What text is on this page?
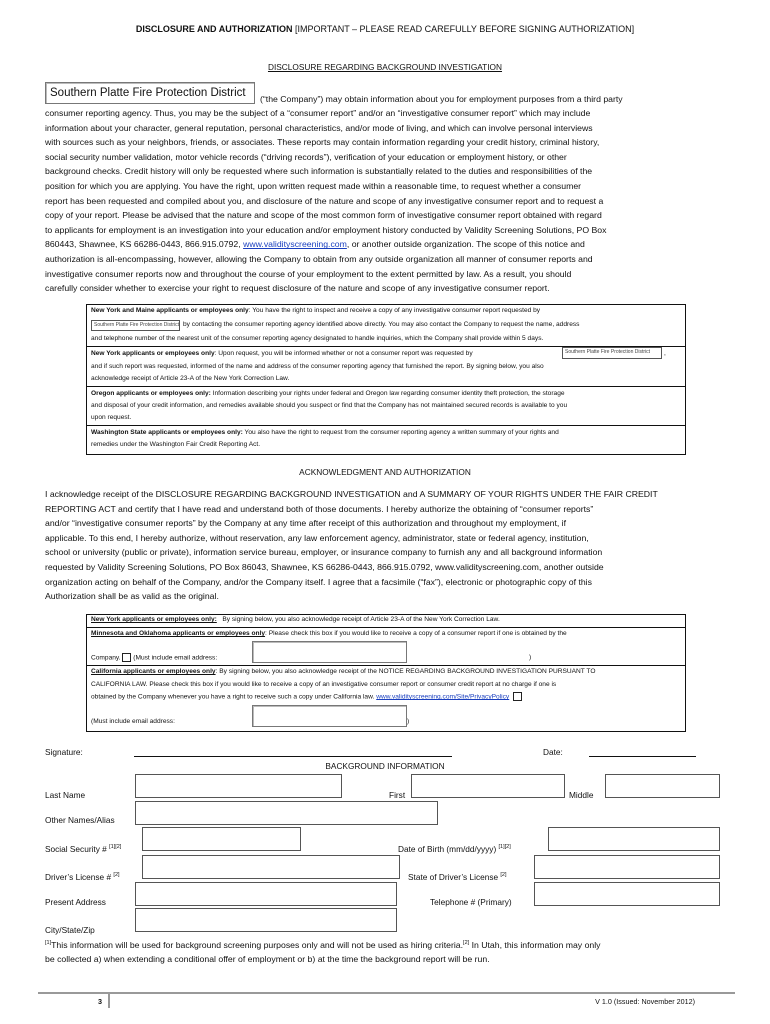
DISCLOSURE AND AUTHORIZATION [IMPORTANT – PLEASE READ CAREFULLY BEFORE SIGNING AUTHORIZATION]
DISCLOSURE REGARDING BACKGROUND INVESTIGATION
Southern Platte Fire Protection District	(“the Company”) may obtain information about you for employment purposes from a third party
consumer reporting agency. Thus, you may be the subject of a “consumer report” and/or an “investigative consumer report” which may include
information about your character, general reputation, personal characteristics, and/or mode of living, and which can involve personal interviews
with sources such as your neighbors, friends, or associates. These reports may contain information regarding your credit history, criminal history,
social security number validation, motor vehicle records (“driving records”), verification of your education or employment history, or other
background checks. Credit history will only be requested where such information is substantially related to the duties and responsibilities of the
position for which you are applying. You have the right, upon written request made within a reasonable time, to request whether a consumer
report has been requested and compiled about you, and disclosure of the nature and scope of any investigative consumer report and to request a
copy of your report. Please be advised that the nature and scope of the most common form of investigative consumer report obtained with regard
to applicants for employment is an investigation into your education and/or employment history conducted by Validity Screening Solutions, PO Box
860443, Shawnee, KS 66286-0443, 866.915.0792, www.validityscreening.com, or another outside organization. The scope of this notice and
authorization is all-encompassing, however, allowing the Company to obtain from any outside organization all manner of consumer reports and
investigative consumer reports now and throughout the course of your employment to the extent permitted by law. As a result, you should
carefully consider whether to exercise your right to request disclosure of the nature and scope of any investigative consumer report.
New York and Maine applicants or employees only: You have the right to inspect and receive a copy of any investigative consumer report requested by
Southern Platte Fire Protection District by contacting the consumer reporting agency identified above directly. You may also contact the Company to request the name, address
and telephone number of the nearest unit of the consumer reporting agency designated to handle inquiries, which the Company shall provide within 5 days.
New York applicants or employees only: Upon request, you will be informed whether or not a consumer report was requested by	Southern Platte Fire Protection District	,
and if such report was requested, informed of the name and address of the consumer reporting agency that furnished the report. By signing below, you also
acknowledge receipt of Article 23-A of the New York Correction Law.
Oregon applicants or employees only: Information describing your rights under federal and Oregon law regarding consumer identity theft protection, the storage
and disposal of your credit information, and remedies available should you suspect or find that the Company has not maintained secured records is available to you
upon request.
Washington State applicants or employees only: You also have the right to request from the consumer reporting agency a written summary of your rights and
remedies under the Washington Fair Credit Reporting Act.
ACKNOWLEDGMENT AND AUTHORIZATION
I acknowledge receipt of the DISCLOSURE REGARDING BACKGROUND INVESTIGATION and A SUMMARY OF YOUR RIGHTS UNDER THE FAIR CREDIT
REPORTING ACT and certify that I have read and understand both of those documents. I hereby authorize the obtaining of “consumer reports”
and/or “investigative consumer reports” by the Company at any time after receipt of this authorization and throughout my employment, if
applicable. To this end, I hereby authorize, without reservation, any law enforcement agency, administrator, state or federal agency, institution,
school or university (public or private), information service bureau, employer, or insurance company to furnish any and all background information
requested by Validity Screening Solutions, PO Box 86043, Shawnee, KS 66286-0443, 866.915.0792, www.validityscreening.com, another outside
organization acting on behalf of the Company, and/or the Company itself. I agree that a facsimile (“fax”), electronic or photographic copy of this
Authorization shall be as valid as the original.
New York applicants or employees only: By signing below, you also acknowledge receipt of Article 23-A of the New York Correction Law.
Minnesota and Oklahoma applicants or employees only: Please check this box if you would like to receive a copy of a consumer report if one is obtained by the
Company. (Must include email address:	)
California applicants or employees only: By signing below, you also acknowledge receipt of the NOTICE REGARDING BACKGROUND INVESTIGATION PURSUANT TO
CALIFORNIA LAW. Please check this box if you would like to receive a copy of an investigative consumer report or consumer credit report at no charge if one is
obtained by the Company whenever you have a right to receive such a copy under California law. www.validityscreening.com/Site/PrivacyPolicy
(Must include email address:	)
Signature:	Date:
BACKGROUND INFORMATION
Last Name	First	Middle
Other Names/Alias
Social Security # [1][2]	Date of Birth (mm/dd/yyyy) [1][2]
Driver’s License # [2]	State of Driver’s License [2]
Present Address	Telephone # (Primary)
City/State/Zip
[1]This information will be used for background screening purposes only and will not be used as hiring criteria.[2] In Utah, this information may only
be collected a) when extending a conditional offer of employment or b) at the time the background report will be run.
3	V 1.0 (Issued: November 2012)
